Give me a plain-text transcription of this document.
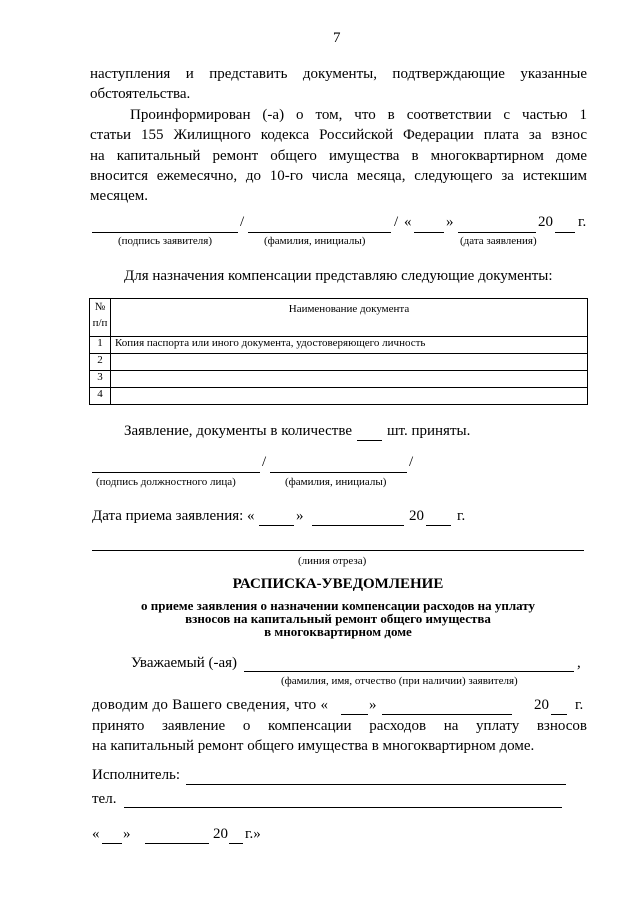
7
наступления и представить документы, подтверждающие указанные
обстоятельства.
Проинформирован (-а) о том, что в соответствии с частью 1
статьи 155 Жилищного кодекса Российской Федерации плата за взнос
на капитальный ремонт общего имущества в многоквартирном доме
вносится ежемесячно, до 10-го числа месяца, следующего за истекшим
месяцем.
/	/ « »	20 г.
(подпись заявителя)	(фамилия, инициалы)	(дата заявления)
Для назначения компенсации представляю следующие документы:
№
п/п	Наименование документа
1	Копия паспорта или иного документа, удостоверяющего личность
2	
3	
4	
Заявление, документы в количестве шт. приняты.
/	/
(подпись должностного лица)	(фамилия, инициалы)
Дата приема заявления: «	»	20 г.
(линия отреза)
РАСПИСКА-УВЕДОМЛЕНИЕ
о приеме заявления о назначении компенсации расходов на уплату
взносов на капитальный ремонт общего имущества
в многоквартирном доме
Уважаемый (-ая)	,
(фамилия, имя, отчество (при наличии) заявителя)
доводим до Вашего сведения, что «	»	20 г.
принято заявление о компенсации расходов на уплату взносов
на капитальный ремонт общего имущества в многоквартирном доме.
Исполнитель:
тел.
« »	20 г.»
